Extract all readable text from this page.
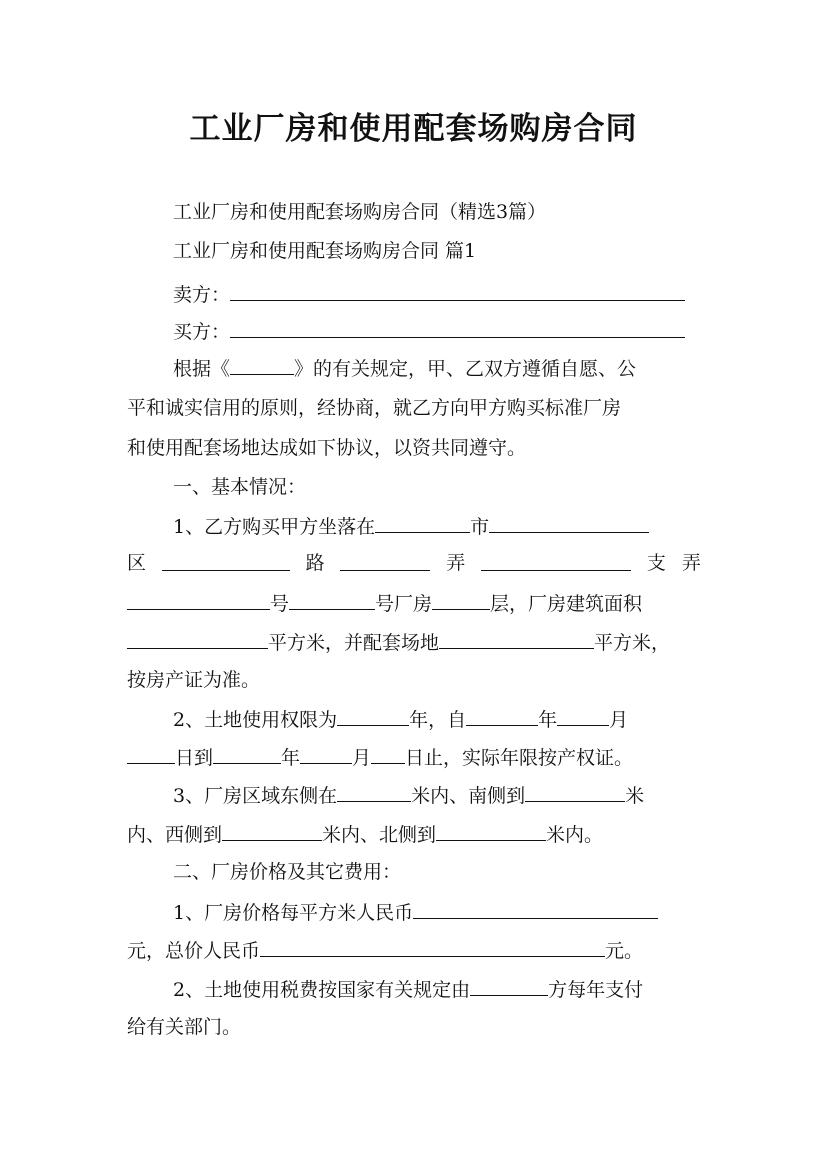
工业厂房和使用配套场购房合同
工业厂房和使用配套场购房合同（精选3篇）
工业厂房和使用配套场购房合同 篇1
卖方：
买方：
根据《	》的有关规定，甲、乙双方遵循自愿、公
平和诚实信用的原则，经协商，就乙方向甲方购买标准厂房
和使用配套场地达成如下协议，以资共同遵守。
一、基本情况：
1、乙方购买甲方坐落在	市
区	路	弄	支弄
号	号厂房	层，厂房建筑面积
平方米，并配套场地	平方米，
按房产证为准。
2、土地使用权限为	年，自	年	月
日到	年	月 日止，实际年限按产权证。
3、厂房区域东侧在	米内、南侧到	米
内、西侧到	米内、北侧到	米内。
二、厂房价格及其它费用：
1、厂房价格每平方米人民币
元，总价人民币	元。
2、土地使用税费按国家有关规定由	方每年支付
给有关部门。
